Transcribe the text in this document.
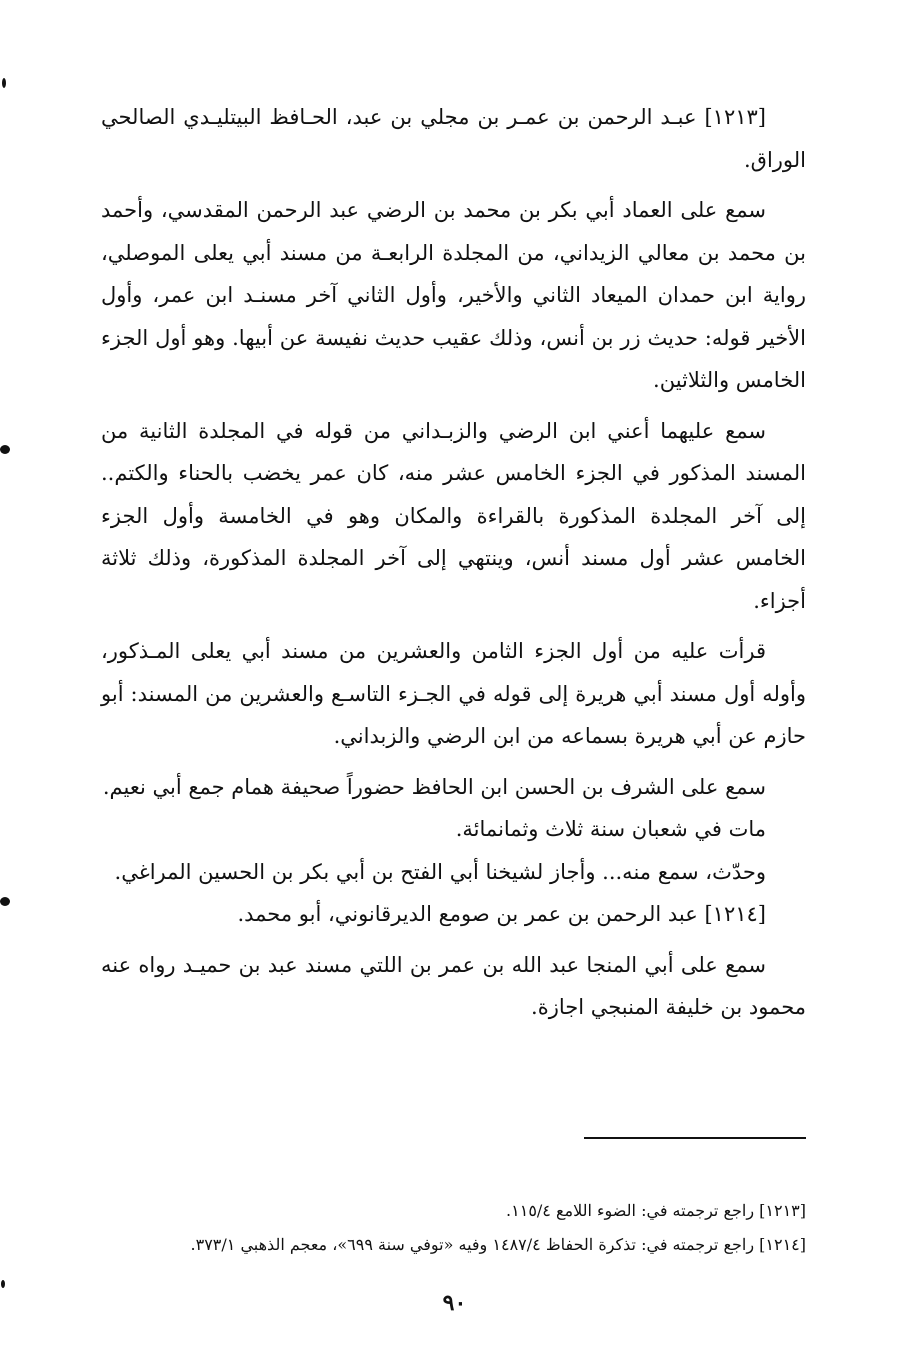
[١٢١٣] عبـد الرحمن بن عمـر بن مجلي بن عبد، الحـافظ البيتليـدي الصالحي الوراق.

سمع على العماد أبي بكر بن محمد بن الرضي عبد الرحمن المقدسي، وأحمد بن محمد بن معالي الزيداني، من المجلدة الرابعـة من مسند أبي يعلى الموصلي، رواية ابن حمدان الميعاد الثاني والأخير، وأول الثاني آخر مسنـد ابن عمر، وأول الأخير قوله: حديث زر بن أنس، وذلك عقيب حديث نفيسة عن أبيها. وهو أول الجزء الخامس والثلاثين.

سمع عليهما أعني ابن الرضي والزبـداني من قوله في المجلدة الثانية من المسند المذكور في الجزء الخامس عشر منه، كان عمر يخضب بالحناء والكتم.. إلى آخر المجلدة المذكورة بالقراءة والمكان وهو في الخامسة وأول الجزء الخامس عشر أول مسند أنس، وينتهي إلى آخر المجلدة المذكورة، وذلك ثلاثة أجزاء.

قرأت عليه من أول الجزء الثامن والعشرين من مسند أبي يعلى المـذكور، وأوله أول مسند أبي هريرة إلى قوله في الجـزء التاسـع والعشرين من المسند: أبو حازم عن أبي هريرة بسماعه من ابن الرضي والزبداني.

سمع على الشرف بن الحسن ابن الحافظ حضوراً صحيفة همام جمع أبي نعيم.

مات في شعبان سنة ثلاث وثمانمائة.

وحدّث، سمع منه... وأجاز لشيخنا أبي الفتح بن أبي بكر بن الحسين المراغي.

[١٢١٤] عبد الرحمن بن عمر بن صومع الديرقانوني، أبو محمد.

سمع على أبي المنجا عبد الله بن عمر بن اللتي مسند عبد بن حميـد رواه عنه محمود بن خليفة المنبجي اجازة.

[١٢١٣] راجع ترجمته في: الضوء اللامع ١١٥/٤.

[١٢١٤] راجع ترجمته في: تذكرة الحفاظ ١٤٨٧/٤ وفيه «توفي سنة ٦٩٩»، معجم الذهبي ٣٧٣/١.

٩٠
